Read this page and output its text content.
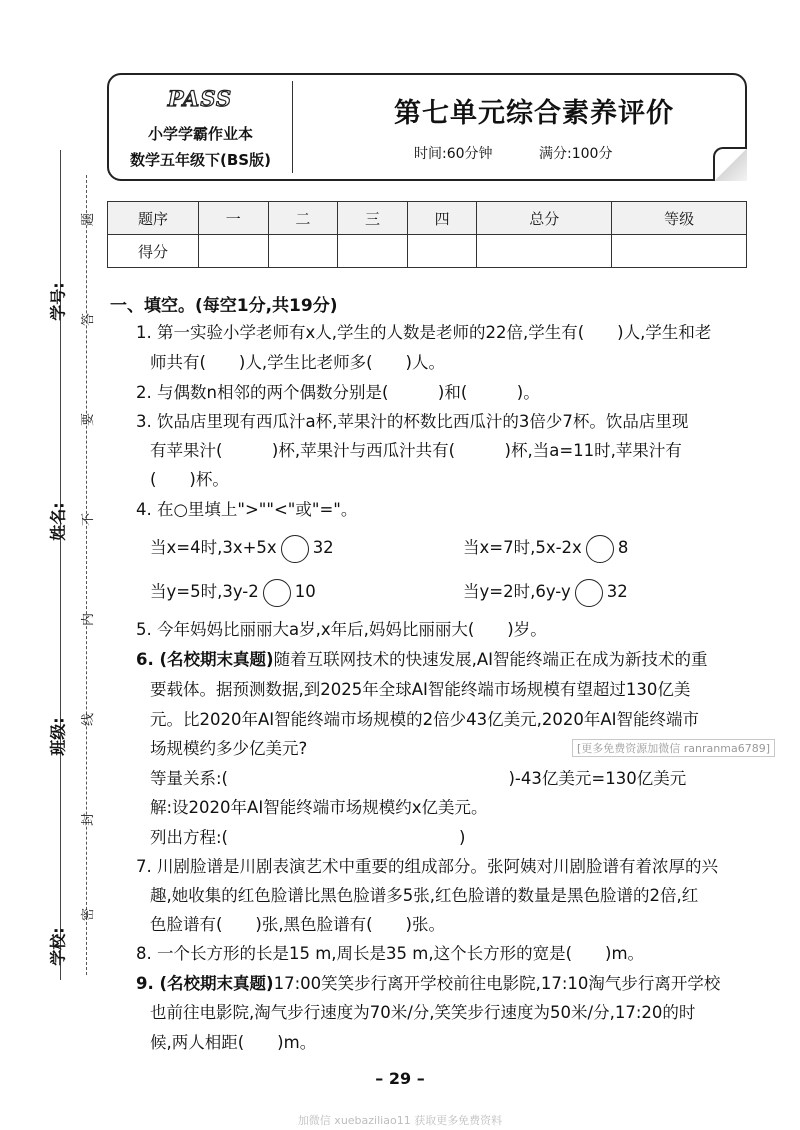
学号:
姓名:
班级:
学校:
题
答
要
不
内
线
封
密
PASS
小学学霸作业本
数学五年级下(BS版)
第七单元综合素养评价
时间:60分钟	满分:100分
题序	一	二	三	四	总分	等级
得分						
一、填空。(每空1分,共19分)
1. 第一实验小学老师有x人,学生的人数是老师的22倍,学生有(　　)人,学生和老
师共有(　　)人,学生比老师多(　　)人。
2. 与偶数n相邻的两个偶数分别是(　　　)和(　　　)。
3. 饮品店里现有西瓜汁a杯,苹果汁的杯数比西瓜汁的3倍少7杯。饮品店里现
有苹果汁(　　　)杯,苹果汁与西瓜汁共有(　　　)杯,当a=11时,苹果汁有
(　　)杯。
4. 在○里填上">""<"或"="。
当x=4时,3x+5x 32	当x=7时,5x-2x 8
当y=5时,3y-2 10	当y=2时,6y-y 32
5. 今年妈妈比丽丽大a岁,x年后,妈妈比丽丽大(　　)岁。
6. (名校期末真题)随着互联网技术的快速发展,AI智能终端正在成为新技术的重
要载体。据预测数据,到2025年全球AI智能终端市场规模有望超过130亿美
元。比2020年AI智能终端市场规模的2倍少43亿美元,2020年AI智能终端市
场规模约多少亿美元?	[更多免费资源加微信 ranranma6789]
等量关系:(　　　　　　　　　　　　　　　　　)-43亿美元=130亿美元
解:设2020年AI智能终端市场规模约x亿美元。
列出方程:(　　　　　　　　　　　　　　)
7. 川剧脸谱是川剧表演艺术中重要的组成部分。张阿姨对川剧脸谱有着浓厚的兴
趣,她收集的红色脸谱比黑色脸谱多5张,红色脸谱的数量是黑色脸谱的2倍,红
色脸谱有(　　)张,黑色脸谱有(　　)张。
8. 一个长方形的长是15 m,周长是35 m,这个长方形的宽是(　　)m。
9. (名校期末真题)17:00笑笑步行离开学校前往电影院,17:10淘气步行离开学校
也前往电影院,淘气步行速度为70米/分,笑笑步行速度为50米/分,17:20的时
候,两人相距(　　)m。
– 29 –
加微信 xuebaziliao11 获取更多免费资料
